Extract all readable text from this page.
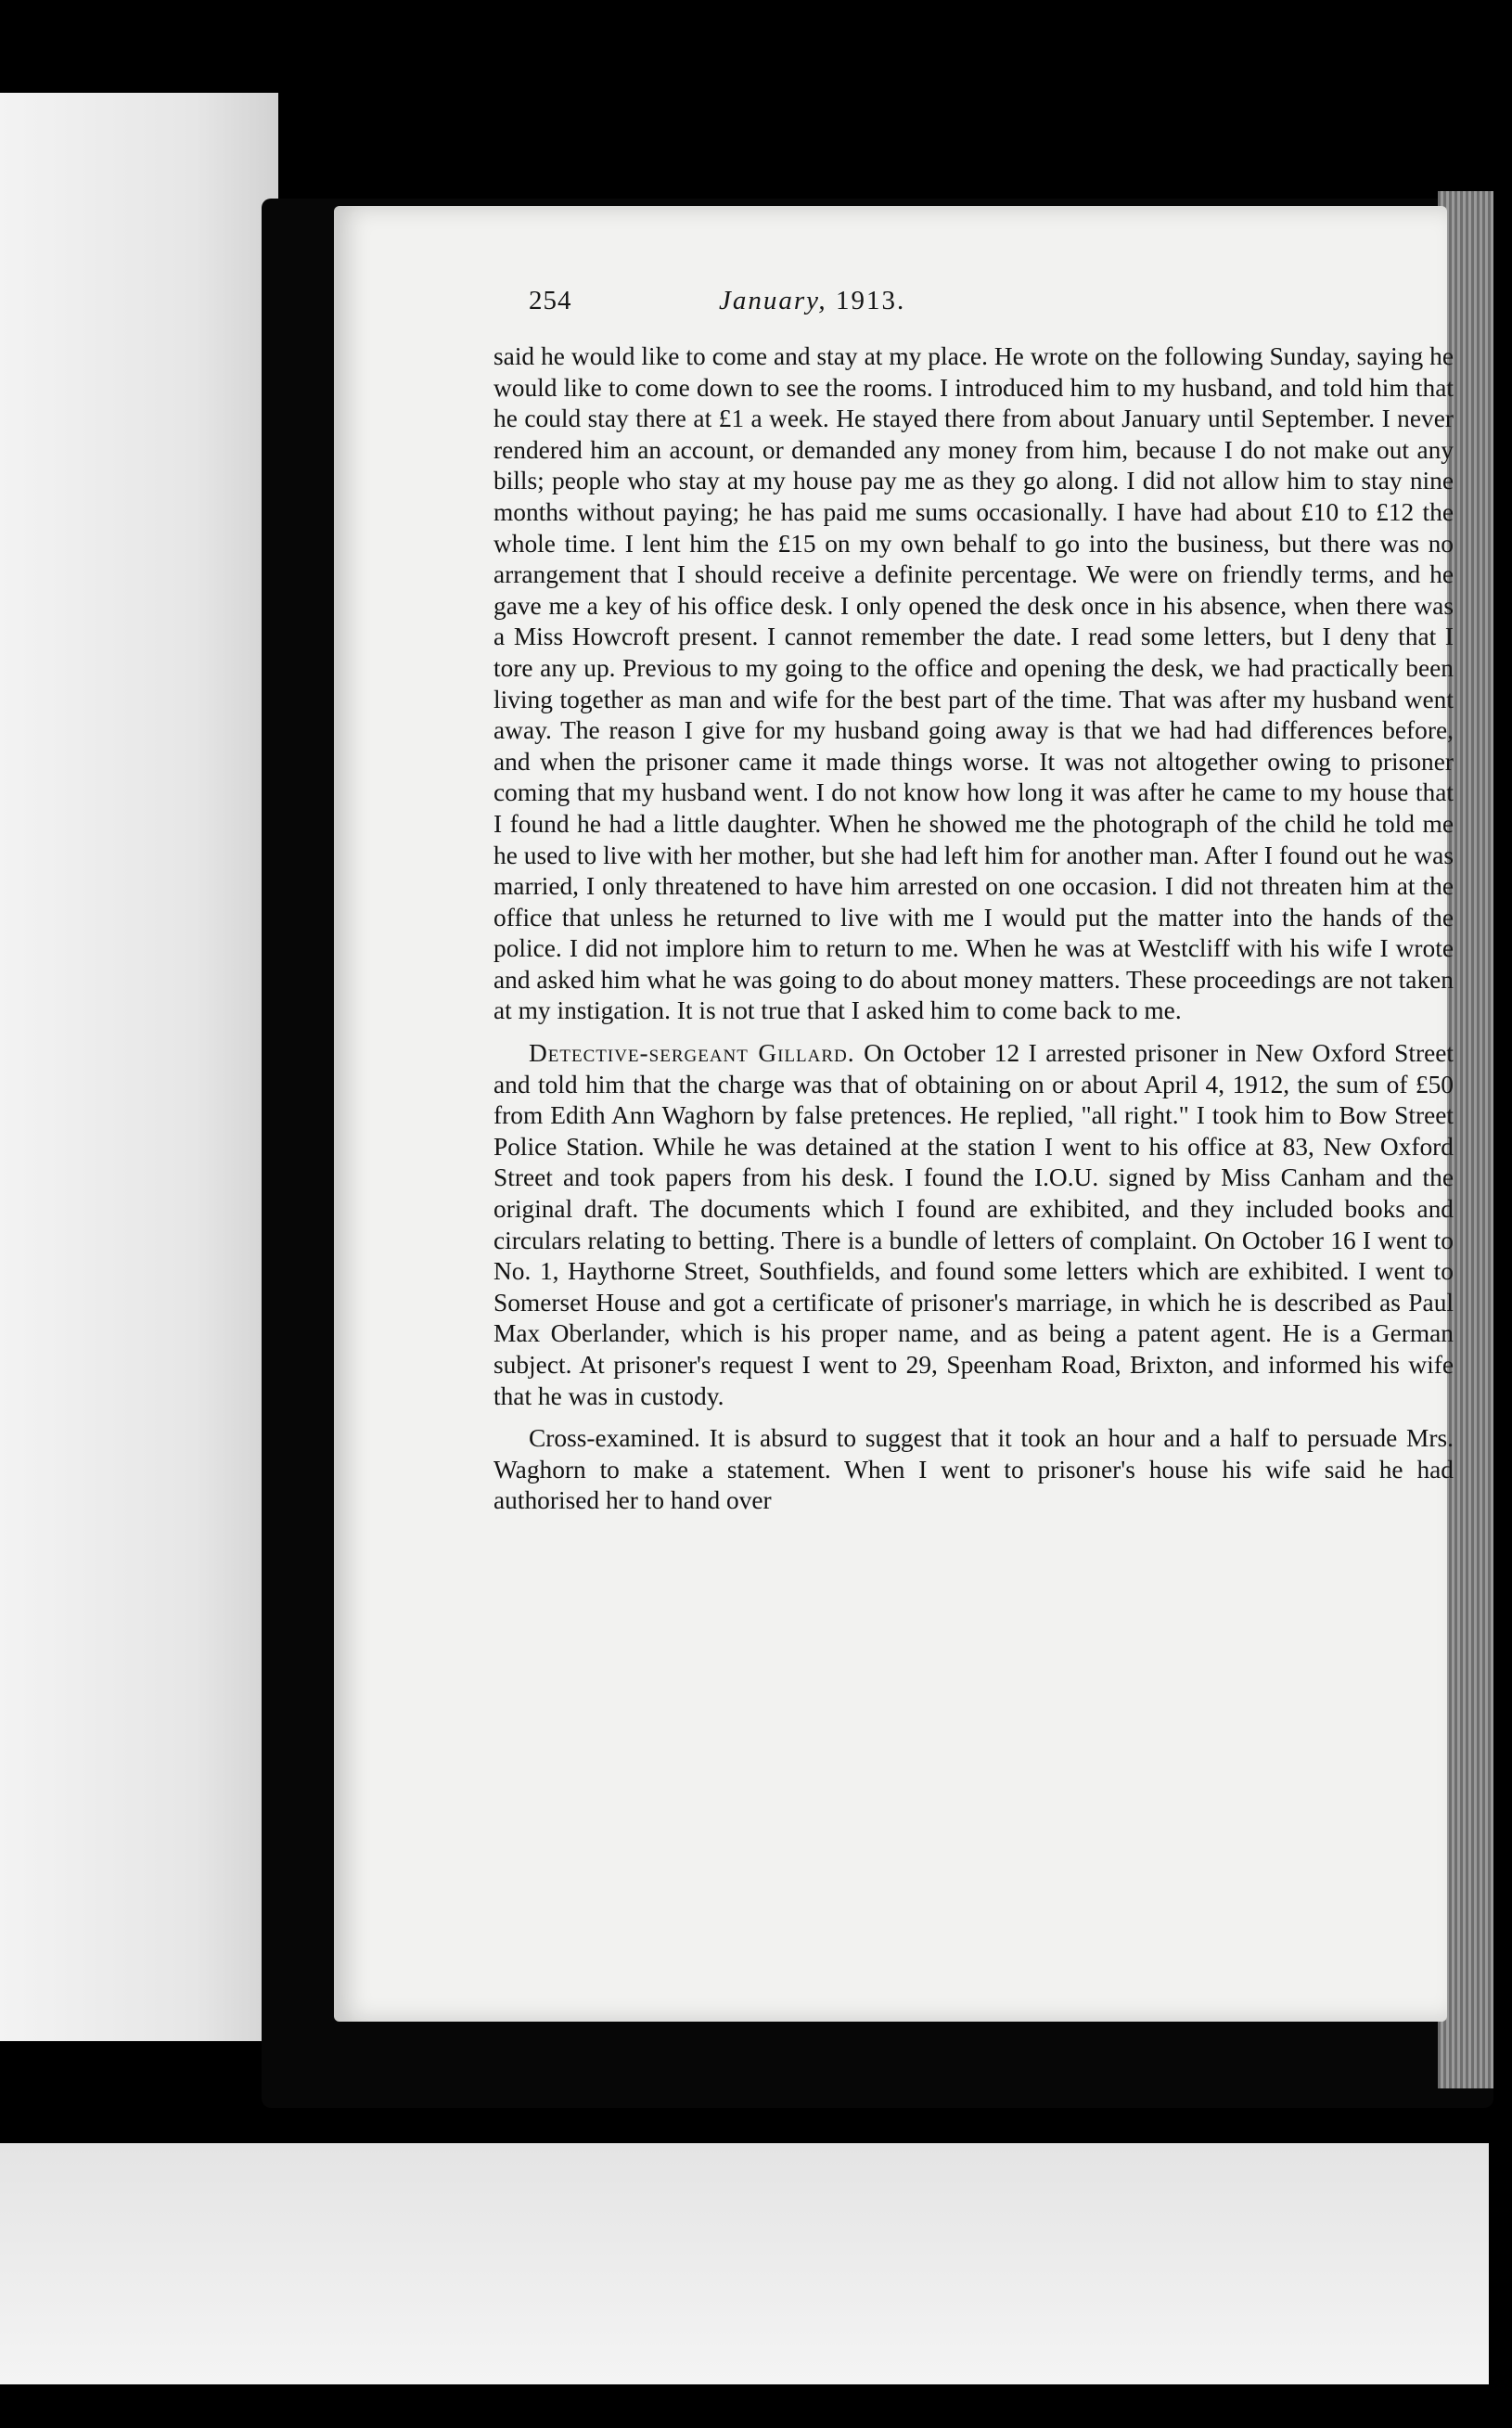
254	January, 1913.

said he would like to come and stay at my place. He wrote on the following Sunday, saying he would like to come down to see the rooms. I introduced him to my husband, and told him that he could stay there at £1 a week. He stayed there from about January until September. I never rendered him an account, or demanded any money from him, because I do not make out any bills; people who stay at my house pay me as they go along. I did not allow him to stay nine months without paying; he has paid me sums occasionally. I have had about £10 to £12 the whole time. I lent him the £15 on my own behalf to go into the business, but there was no arrangement that I should receive a definite percentage. We were on friendly terms, and he gave me a key of his office desk. I only opened the desk once in his absence, when there was a Miss Howcroft present. I cannot remember the date. I read some letters, but I deny that I tore any up. Previous to my going to the office and opening the desk, we had practically been living together as man and wife for the best part of the time. That was after my husband went away. The reason I give for my husband going away is that we had had differences before, and when the prisoner came it made things worse. It was not altogether owing to prisoner coming that my husband went. I do not know how long it was after he came to my house that I found he had a little daughter. When he showed me the photograph of the child he told me he used to live with her mother, but she had left him for another man. After I found out he was married, I only threatened to have him arrested on one occasion. I did not threaten him at the office that unless he returned to live with me I would put the matter into the hands of the police. I did not implore him to return to me. When he was at Westcliff with his wife I wrote and asked him what he was going to do about money matters. These proceedings are not taken at my instigation. It is not true that I asked him to come back to me.

Detective-sergeant Gillard. On October 12 I arrested prisoner in New Oxford Street and told him that the charge was that of obtaining on or about April 4, 1912, the sum of £50 from Edith Ann Waghorn by false pretences. He replied, "all right." I took him to Bow Street Police Station. While he was detained at the station I went to his office at 83, New Oxford Street and took papers from his desk. I found the I.O.U. signed by Miss Canham and the original draft. The documents which I found are exhibited, and they included books and circulars relating to betting. There is a bundle of letters of complaint. On October 16 I went to No. 1, Haythorne Street, Southfields, and found some letters which are exhibited. I went to Somerset House and got a certificate of prisoner's marriage, in which he is described as Paul Max Oberlander, which is his proper name, and as being a patent agent. He is a German subject. At prisoner's request I went to 29, Speenham Road, Brixton, and informed his wife that he was in custody.

Cross-examined. It is absurd to suggest that it took an hour and a half to persuade Mrs. Waghorn to make a statement. When I went to prisoner's house his wife said he had authorised her to hand over
